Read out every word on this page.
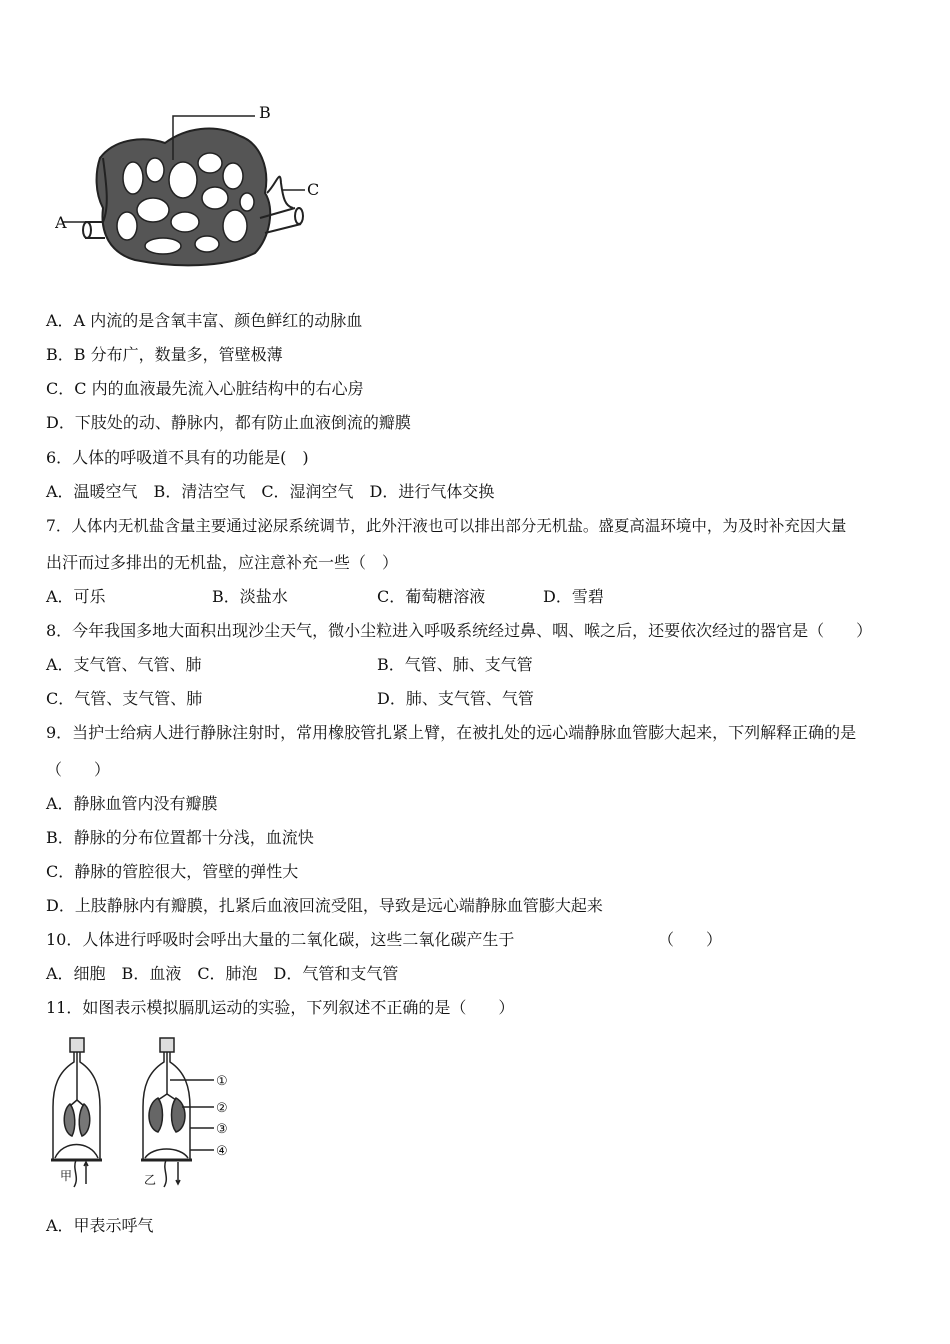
A
B
C
A．A 内流的是含氧丰富、颜色鲜红的动脉血
B．B 分布广，数量多，管壁极薄
C．C 内的血液最先流入心脏结构中的右心房
D．下肢处的动、静脉内，都有防止血液倒流的瓣膜
6．人体的呼吸道不具有的功能是(　)
A．温暖空气　B．清洁空气　C．湿润空气　D．进行气体交换
7．人体内无机盐含量主要通过泌尿系统调节，此外汗液也可以排出部分无机盐。盛夏高温环境中，为及时补充因大量
出汗而过多排出的无机盐，应注意补充一些（　）
A．可乐	B．淡盐水	C．葡萄糖溶液	D．雪碧
8．今年我国多地大面积出现沙尘天气，微小尘粒进入呼吸系统经过鼻、咽、喉之后，还要依次经过的器官是（　　）
A．支气管、气管、肺	B．气管、肺、支气管
C．气管、支气管、肺	D．肺、支气管、气管
9．当护士给病人进行静脉注射时，常用橡胶管扎紧上臂，在被扎处的远心端静脉血管膨大起来，下列解释正确的是
（　　）
A．静脉血管内没有瓣膜
B．静脉的分布位置都十分浅，血流快
C．静脉的管腔很大，管壁的弹性大
D．上肢静脉内有瓣膜，扎紧后血液回流受阻，导致是远心端静脉血管膨大起来
10．人体进行呼吸时会呼出大量的二氧化碳，这些二氧化碳产生于	（　　）
A．细胞　B．血液　C．肺泡　D．气管和支气管
11．如图表示模拟膈肌运动的实验，下列叙述不正确的是（　　）
①
②
③
④
甲	乙
A．甲表示呼气
